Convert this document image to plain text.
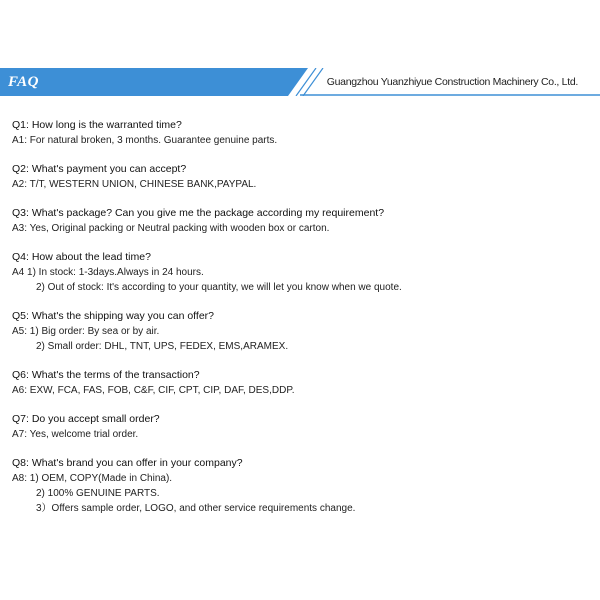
FAQ	Guangzhou Yuanzhiyue Construction Machinery Co., Ltd.
Q1: How long is the warranted time?
A1: For natural broken, 3 months. Guarantee genuine parts.
Q2: What's payment you can accept?
A2: T/T, WESTERN UNION, CHINESE BANK,PAYPAL.
Q3: What's package? Can you give me the package according my requirement?
A3: Yes, Original packing or Neutral packing with wooden box or carton.
Q4: How about the lead time?
A4 1) In stock: 1-3days.Always in 24 hours.
2) Out of stock: It's according to your quantity, we will let you know when we quote.
Q5: What's the shipping way you can offer?
A5: 1) Big order: By sea or by air.
2) Small order: DHL, TNT, UPS, FEDEX, EMS,ARAMEX.
Q6: What's the terms of the transaction?
A6: EXW, FCA, FAS, FOB, C&F, CIF, CPT, CIP, DAF, DES,DDP.
Q7: Do you accept small order?
A7: Yes, welcome trial order.
Q8: What's brand you can offer in your company?
A8: 1) OEM, COPY(Made in China).
2) 100% GENUINE PARTS.
3）Offers sample order, LOGO, and other service requirements change.
